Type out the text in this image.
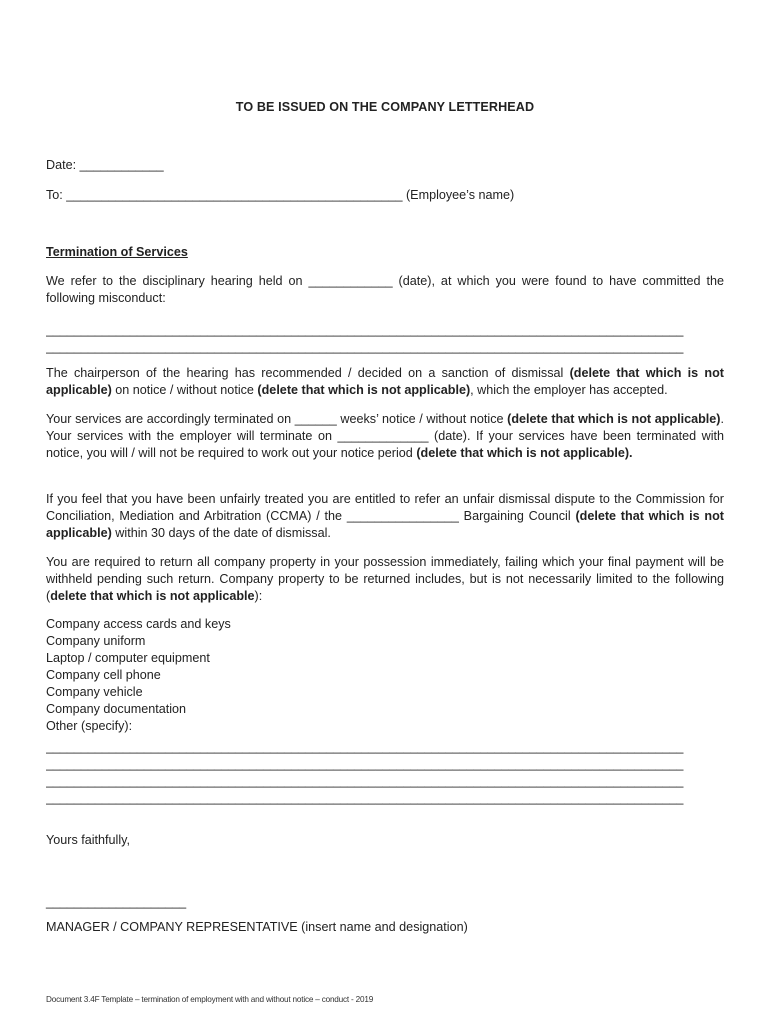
TO BE ISSUED ON THE COMPANY LETTERHEAD
Date: ____________
To: ________________________________________________ (Employee’s name)
Termination of Services

We refer to the disciplinary hearing held on ____________ (date), at which you were found to have committed the following misconduct:

___________________________________________________________________________________________
___________________________________________________________________________________________

The chairperson of the hearing has recommended / decided on a sanction of dismissal (delete that which is not applicable) on notice / without notice (delete that which is not applicable), which the employer has accepted.

Your services are accordingly terminated on ______ weeks’ notice / without notice (delete that which is not applicable). Your services with the employer will terminate on _____________ (date). If your services have been terminated with notice, you will / will not be required to work out your notice period (delete that which is not applicable).

If you feel that you have been unfairly treated you are entitled to refer an unfair dismissal dispute to the Commission for Conciliation, Mediation and Arbitration (CCMA) / the ________________ Bargaining Council (delete that which is not applicable) within 30 days of the date of dismissal.

You are required to return all company property in your possession immediately, failing which your final payment will be withheld pending such return. Company property to be returned includes, but is not necessarily limited to the following (delete that which is not applicable):

Company access cards and keys
Company uniform
Laptop / computer equipment
Company cell phone
Company vehicle
Company documentation
Other (specify):
___________________________________________________________________________________________
___________________________________________________________________________________________
___________________________________________________________________________________________
___________________________________________________________________________________________
Yours faithfully,
____________________
MANAGER / COMPANY REPRESENTATIVE (insert name and designation)
Document 3.4F Template – termination of employment with and without notice – conduct - 2019
